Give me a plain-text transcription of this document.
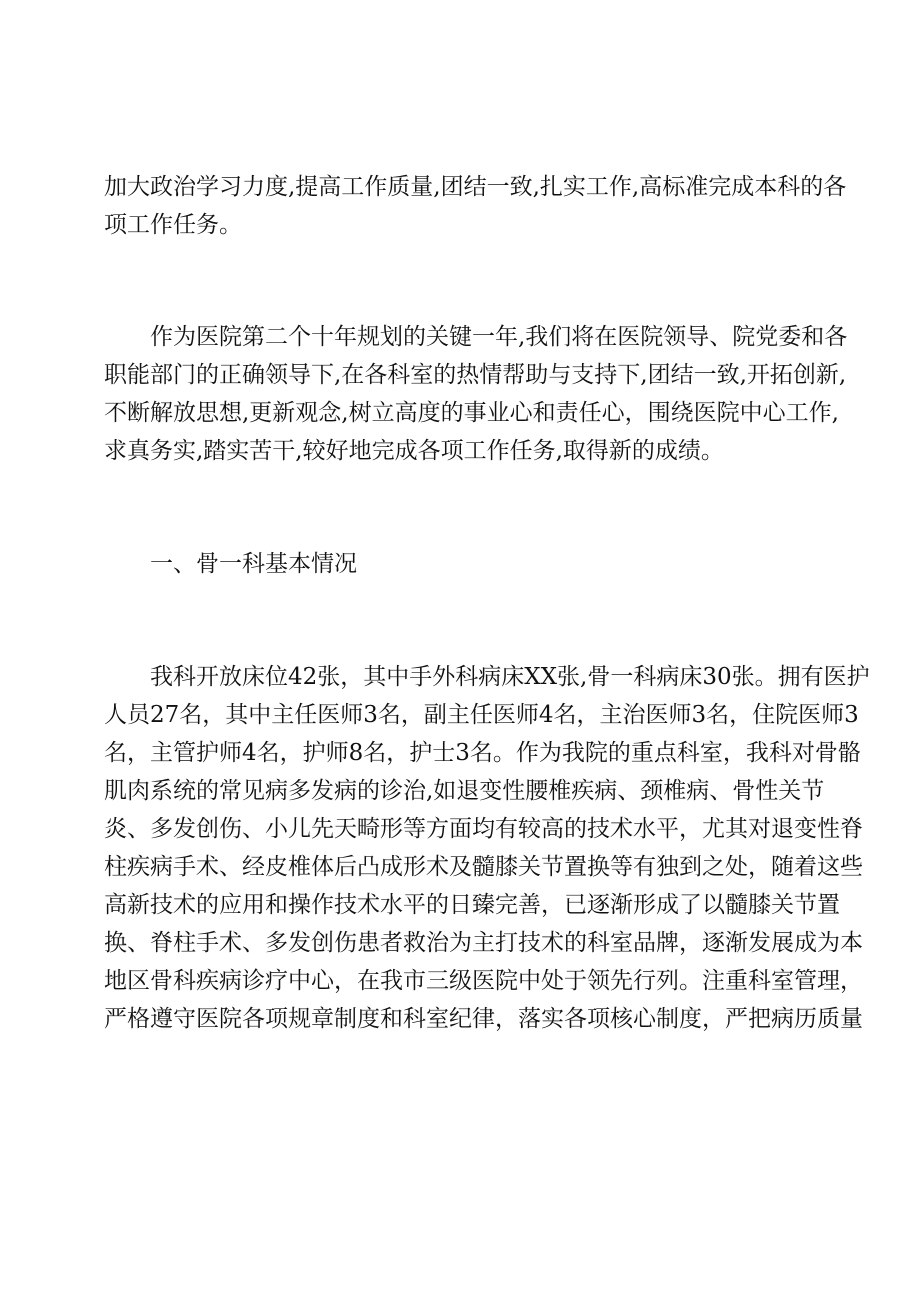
加大政治学习力度,提高工作质量,团结一致,扎实工作,高标准完成本科的各
项工作任务。
　　作为医院第二个十年规划的关键一年,我们将在医院领导、院党委和各
职能部门的正确领导下,在各科室的热情帮助与支持下,团结一致,开拓创新,
不断解放思想,更新观念,树立高度的事业心和责任心，围绕医院中心工作,
求真务实,踏实苦干,较好地完成各项工作任务,取得新的成绩。
　　一、骨一科基本情况
　　我科开放床位42张，其中手外科病床XX张,骨一科病床30张。拥有医护
人员27名，其中主任医师3名，副主任医师4名，主治医师3名，住院医师3
名，主管护师4名，护师8名，护士3名。作为我院的重点科室，我科对骨骼
肌肉系统的常见病多发病的诊治,如退变性腰椎疾病、颈椎病、骨性关节
炎、多发创伤、小儿先天畸形等方面均有较高的技术水平，尤其对退变性脊
柱疾病手术、经皮椎体后凸成形术及髓膝关节置换等有独到之处，随着这些
高新技术的应用和操作技术水平的日臻完善，已逐渐形成了以髓膝关节置
换、脊柱手术、多发创伤患者救治为主打技术的科室品牌，逐渐发展成为本
地区骨科疾病诊疗中心，在我市三级医院中处于领先行列。注重科室管理，
严格遵守医院各项规章制度和科室纪律，落实各项核心制度，严把病历质量
